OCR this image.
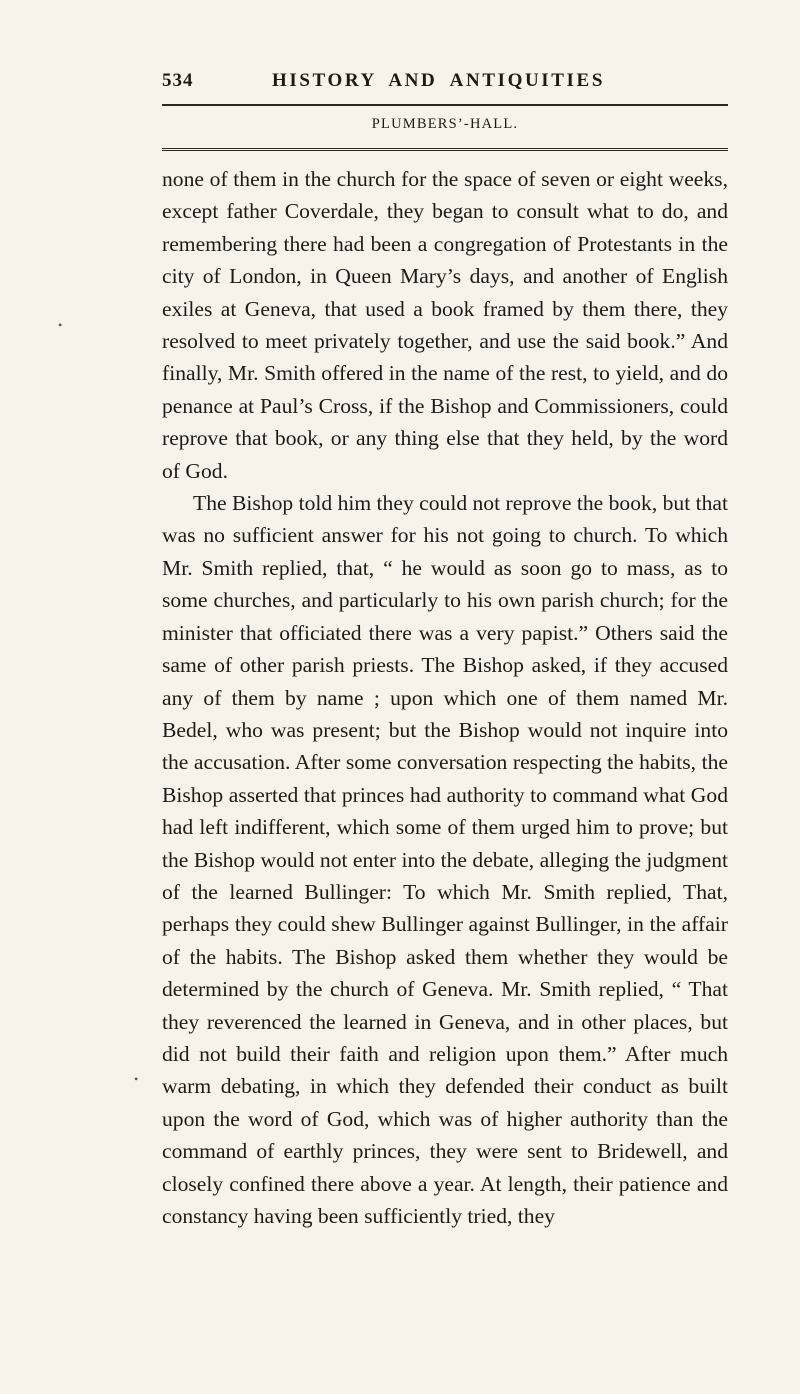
534	HISTORY AND ANTIQUITIES
PLUMBERS’-HALL.

none of them in the church for the space of seven or eight weeks, except father Coverdale, they began to consult what to do, and remembering there had been a congregation of Protestants in the city of London, in Queen Mary’s days, and another of English exiles at Geneva, that used a book framed by them there, they resolved to meet privately together, and use the said book.” And finally, Mr. Smith offered in the name of the rest, to yield, and do penance at Paul’s Cross, if the Bishop and Commissioners, could reprove that book, or any thing else that they held, by the word of God.

The Bishop told him they could not reprove the book, but that was no sufficient answer for his not going to church. To which Mr. Smith replied, that, “ he would as soon go to mass, as to some churches, and particularly to his own parish church; for the minister that officiated there was a very papist.” Others said the same of other parish priests. The Bishop asked, if they accused any of them by name ; upon which one of them named Mr. Bedel, who was present; but the Bishop would not inquire into the accusation. After some conversation respecting the habits, the Bishop asserted that princes had authority to command what God had left indifferent, which some of them urged him to prove; but the Bishop would not enter into the debate, alleging the judgment of the learned Bullinger: To which Mr. Smith replied, That, perhaps they could shew Bullinger against Bullinger, in the affair of the habits. The Bishop asked them whether they would be determined by the church of Geneva. Mr. Smith replied, “ That they reverenced the learned in Geneva, and in other places, but did not build their faith and religion upon them.” After much warm debating, in which they defended their conduct as built upon the word of God, which was of higher authority than the command of earthly princes, they were sent to Bridewell, and closely confined there above a year. At length, their patience and constancy having been sufficiently tried, they

•
•
